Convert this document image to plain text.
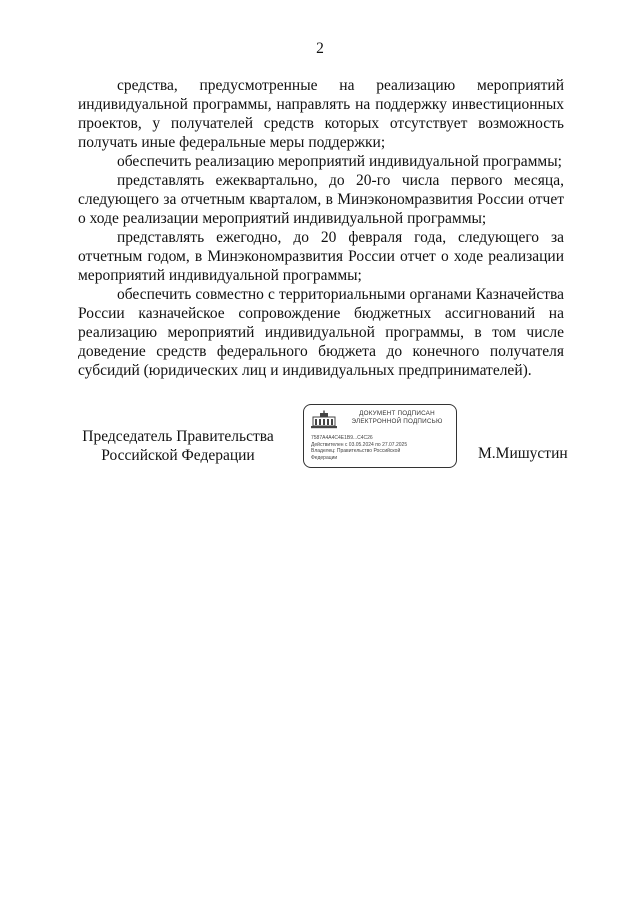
2

средства, предусмотренные на реализацию мероприятий индивидуальной программы, направлять на поддержку инвестиционных проектов, у получателей средств которых отсутствует возможность получать иные федеральные меры поддержки;

обеспечить реализацию мероприятий индивидуальной программы;

представлять ежеквартально, до 20-го числа первого месяца, следующего за отчетным кварталом, в Минэкономразвития России отчет о ходе реализации мероприятий индивидуальной программы;

представлять ежегодно, до 20 февраля года, следующего за отчетным годом, в Минэкономразвития России отчет о ходе реализации мероприятий индивидуальной программы;

обеспечить совместно с территориальными органами Казначейства России казначейское сопровождение бюджетных ассигнований на реализацию мероприятий индивидуальной программы, в том числе доведение средств федерального бюджета до конечного получателя субсидий (юридических лиц и индивидуальных предпринимателей).

Председатель Правительства
Российской Федерации
ДОКУМЕНТ ПОДПИСАН
ЭЛЕКТРОННОЙ ПОДПИСЬЮ
7587А4А4С4Е1В9...С4С26
Действителен с 03.05.2024 по 27.07.2025
Владелец: Правительство Российской
Федерации	М.Мишустин
